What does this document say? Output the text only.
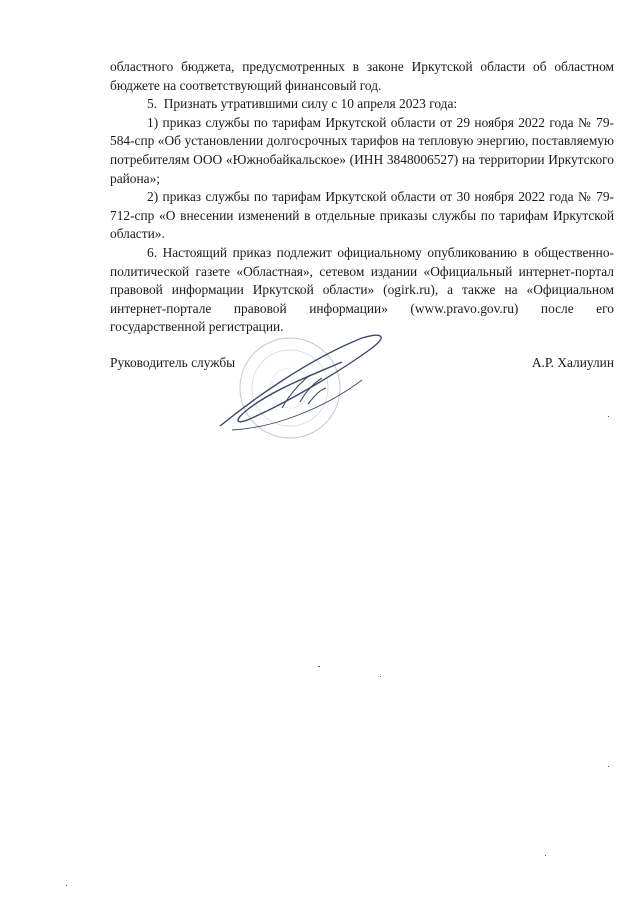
областного бюджета, предусмотренных в законе Иркутской области об областном бюджете на соответствующий финансовый год.

5.  Признать утратившими силу с 10 апреля 2023 года:

1) приказ службы по тарифам Иркутской области от 29 ноября 2022 года № 79-584-спр «Об установлении долгосрочных тарифов на тепловую энергию, поставляемую потребителям ООО «Южнобайкальское» (ИНН 3848006527) на территории Иркутского района»;

2) приказ службы по тарифам Иркутской области от 30 ноября 2022 года № 79-712-спр «О внесении изменений в отдельные приказы службы по тарифам Иркутской области».

6. Настоящий приказ подлежит официальному опубликованию в общественно-политической газете «Областная», сетевом издании «Официальный интернет-портал правовой информации Иркутской области» (ogirk.ru), а также на «Официальном интернет-портале правовой информации» (www.pravo.gov.ru) после его государственной регистрации.

Руководитель службы	А.Р. Халиулин
